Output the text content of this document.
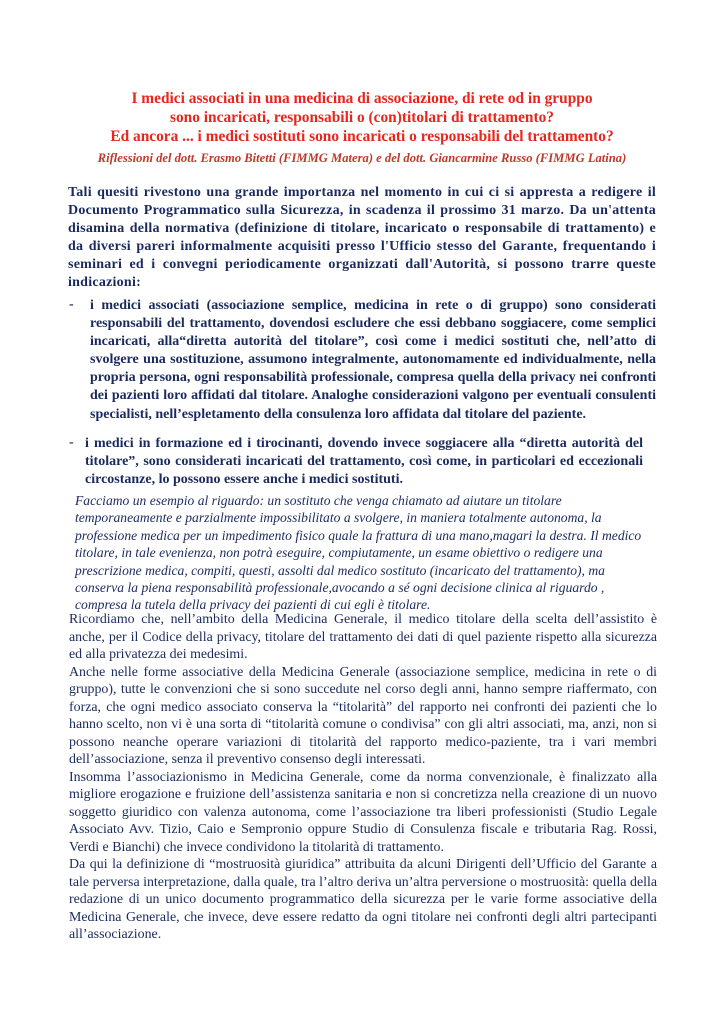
I medici associati in una medicina di associazione, di rete od in gruppo
sono incaricati, responsabili o (con)titolari di trattamento?
Ed ancora ... i medici sostituti sono incaricati o responsabili del trattamento?
Riflessioni del dott. Erasmo Bitetti (FIMMG Matera) e del dott. Giancarmine Russo (FIMMG Latina)
Tali quesiti rivestono una grande importanza nel momento in cui ci si appresta a redigere il Documento Programmatico sulla Sicurezza, in scadenza il prossimo 31 marzo. Da un'attenta disamina della normativa (definizione di titolare, incaricato o responsabile di trattamento) e da diversi pareri informalmente acquisiti presso l'Ufficio stesso del Garante, frequentando i seminari ed i convegni periodicamente organizzati dall'Autorità, si possono trarre queste indicazioni:
- i medici associati (associazione semplice, medicina in rete o di gruppo) sono considerati responsabili del trattamento, dovendosi escludere che essi debbano soggiacere, come semplici incaricati, alla“diretta autorità del titolare”, così come i medici sostituti che, nell’atto di svolgere una sostituzione, assumono integralmente, autonomamente ed individualmente, nella propria persona, ogni responsabilità professionale, compresa quella della privacy nei confronti dei pazienti loro affidati dal titolare. Analoghe considerazioni valgono per eventuali consulenti specialisti, nell’espletamento della consulenza loro affidata dal titolare del paziente.
- i medici in formazione ed i tirocinanti, dovendo invece soggiacere alla “diretta autorità del titolare”, sono considerati incaricati del trattamento, così come, in particolari ed eccezionali circostanze, lo possono essere anche i medici sostituti.
Facciamo un esempio al riguardo: un sostituto che venga chiamato ad aiutare un titolare temporaneamente e parzialmente impossibilitato a svolgere, in maniera totalmente autonoma, la professione medica per un impedimento fisico quale la frattura di una mano,magari la destra. Il medico titolare, in tale evenienza, non potrà eseguire, compiutamente, un esame obiettivo o redigere una prescrizione medica, compiti, questi, assolti dal medico sostituto (incaricato del trattamento), ma conserva la piena responsabilità professionale,avocando a sé ogni decisione clinica al riguardo , compresa la tutela della privacy dei pazienti di cui egli è titolare.

Ricordiamo che, nell’ambito della Medicina Generale, il medico titolare della scelta dell’assistito è anche, per il Codice della privacy, titolare del trattamento dei dati di quel paziente rispetto alla sicurezza ed alla privatezza dei medesimi.

Anche nelle forme associative della Medicina Generale (associazione semplice, medicina in rete o di gruppo), tutte le convenzioni che si sono succedute nel corso degli anni, hanno sempre riaffermato, con forza, che ogni medico associato conserva la “titolarità” del rapporto nei confronti dei pazienti che lo hanno scelto, non vi è una sorta di “titolarità comune o condivisa” con gli altri associati, ma, anzi, non si possono neanche operare variazioni di titolarità del rapporto medico-paziente, tra i vari membri dell’associazione, senza il preventivo consenso degli interessati.

Insomma l’associazionismo in Medicina Generale, come da norma convenzionale, è finalizzato alla migliore erogazione e fruizione dell’assistenza sanitaria e non si concretizza nella creazione di un nuovo soggetto giuridico con valenza autonoma, come l’associazione tra liberi professionisti (Studio Legale Associato Avv. Tizio, Caio e Sempronio oppure Studio di Consulenza fiscale e tributaria Rag. Rossi, Verdi e Bianchi) che invece condividono la titolarità di trattamento.

Da qui la definizione di “mostruosità giuridica” attribuita da alcuni Dirigenti dell’Ufficio del Garante a tale perversa interpretazione, dalla quale, tra l’altro deriva un’altra perversione o mostruosità: quella della redazione di un unico documento programmatico della sicurezza per le varie forme associative della Medicina Generale, che invece, deve essere redatto da ogni titolare nei confronti degli altri partecipanti all’associazione.
